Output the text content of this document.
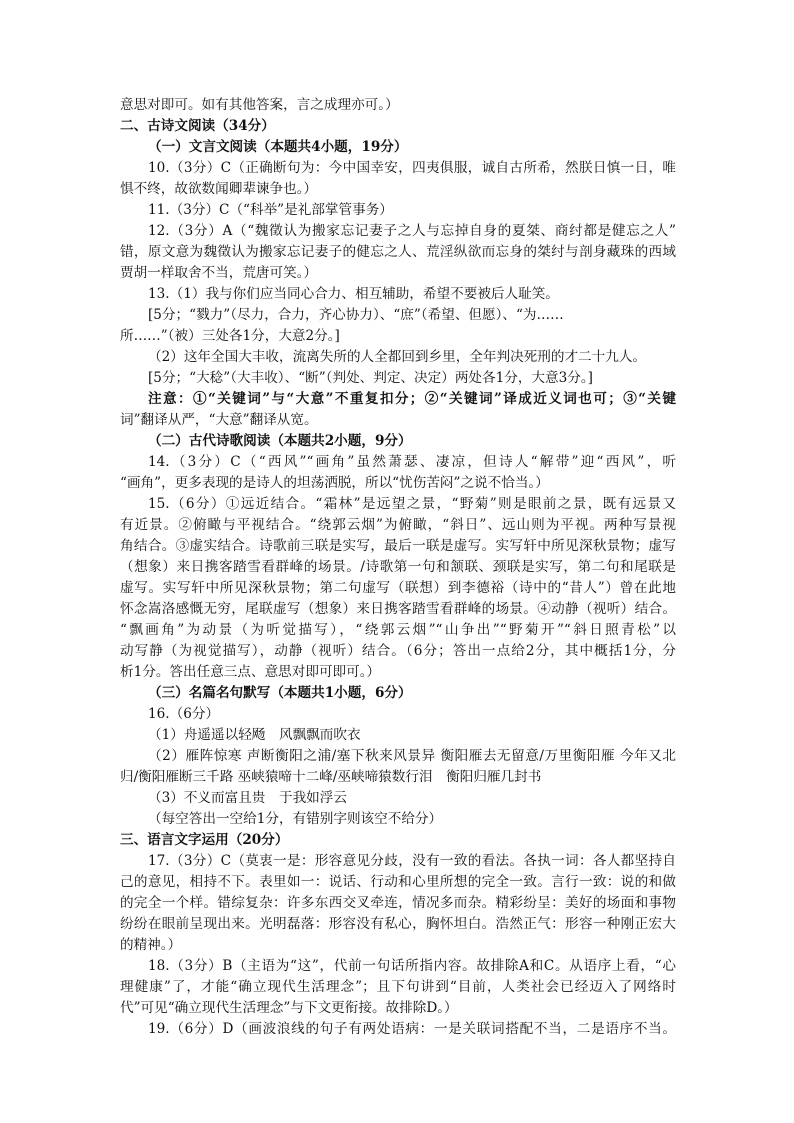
意思对即可。如有其他答案，言之成理亦可。）
二、古诗文阅读（34分）
（一）文言文阅读（本题共4小题，19分）
10.（3分）C（正确断句为：今中国幸安，四夷俱服，诚自古所希，然朕日慎一日，唯
惧不终，故欲数闻卿辈谏争也。）
11.（3分）C（“科举”是礼部掌管事务）
12.（3分）A（“魏徵认为搬家忘记妻子之人与忘掉自身的夏桀、商纣都是健忘之人”
错，原文意为魏徵认为搬家忘记妻子的健忘之人、荒淫纵欲而忘身的桀纣与剖身藏珠的西域
贾胡一样取舍不当，荒唐可笑。）
13.（1）我与你们应当同心合力、相互辅助，希望不要被后人耻笑。
[5分；“戮力”（尽力，合力，齐心协力）、“庶”（希望、但愿）、“为……
所……”（被）三处各1分，大意2分。]
（2）这年全国大丰收，流离失所的人全都回到乡里，全年判决死刑的才二十九人。
[5分；“大稔”（大丰收）、“断”（判处、判定、决定）两处各1分，大意3分。]
注意：①“关键词”与“大意”不重复扣分；②“关键词”译成近义词也可；③“关键
词”翻译从严，“大意”翻译从宽。
（二）古代诗歌阅读（本题共2小题，9分）
14.（3分）C（“西风”“画角”虽然萧瑟、凄凉，但诗人“解带”迎“西风”，听
“画角”，更多表现的是诗人的坦荡洒脱，所以“忧伤苦闷”之说不恰当。）
15.（6分）①远近结合。“霜林”是远望之景，“野菊”则是眼前之景，既有远景又
有近景。②俯瞰与平视结合。“绕郭云烟”为俯瞰，“斜日”、远山则为平视。两种写景视
角结合。③虚实结合。诗歌前三联是实写，最后一联是虚写。实写轩中所见深秋景物；虚写
（想象）来日携客踏雪看群峰的场景。/诗歌第一句和颔联、颈联是实写，第二句和尾联是
虚写。实写轩中所见深秋景物；第二句虚写（联想）到李德裕（诗中的“昔人”）曾在此地
怀念嵩洛感慨无穷，尾联虚写（想象）来日携客踏雪看群峰的场景。④动静（视听）结合。
“飘画角”为动景（为听觉描写），“绕郭云烟”“山争出”“野菊开”“斜日照青松”以
动写静（为视觉描写），动静（视听）结合。（6分；答出一点给2分，其中概括1分，分
析1分。答出任意三点、意思对即可即可。）
（三）名篇名句默写（本题共1小题，6分）
16.（6分）
（1）舟遥遥以轻飏　风飘飘而吹衣
（2）雁阵惊寒 声断衡阳之浦/塞下秋来风景异 衡阳雁去无留意/万里衡阳雁 今年又北
归/衡阳雁断三千路 巫峡猿啼十二峰/巫峡啼猿数行泪　衡阳归雁几封书
（3）不义而富且贵　于我如浮云
（每空答出一空给1分，有错别字则该空不给分）
三、语言文字运用（20分）
17.（3分）C（莫衷一是：形容意见分歧，没有一致的看法。各执一词：各人都坚持自
己的意见，相持不下。表里如一：说话、行动和心里所想的完全一致。言行一致：说的和做
的完全一个样。错综复杂：许多东西交叉牵连，情况多而杂。精彩纷呈：美好的场面和事物
纷纷在眼前呈现出来。光明磊落：形容没有私心，胸怀坦白。浩然正气：形容一种刚正宏大
的精神。）
18.（3分）B（主语为“这”，代前一句话所指内容。故排除A和C。从语序上看，“心
理健康”了，才能“确立现代生活理念”；且下句讲到“目前，人类社会已经迈入了网络时
代”可见“确立现代生活理念”与下文更衔接。故排除D。）
19.（6分）D（画波浪线的句子有两处语病：一是关联词搭配不当，二是语序不当。
